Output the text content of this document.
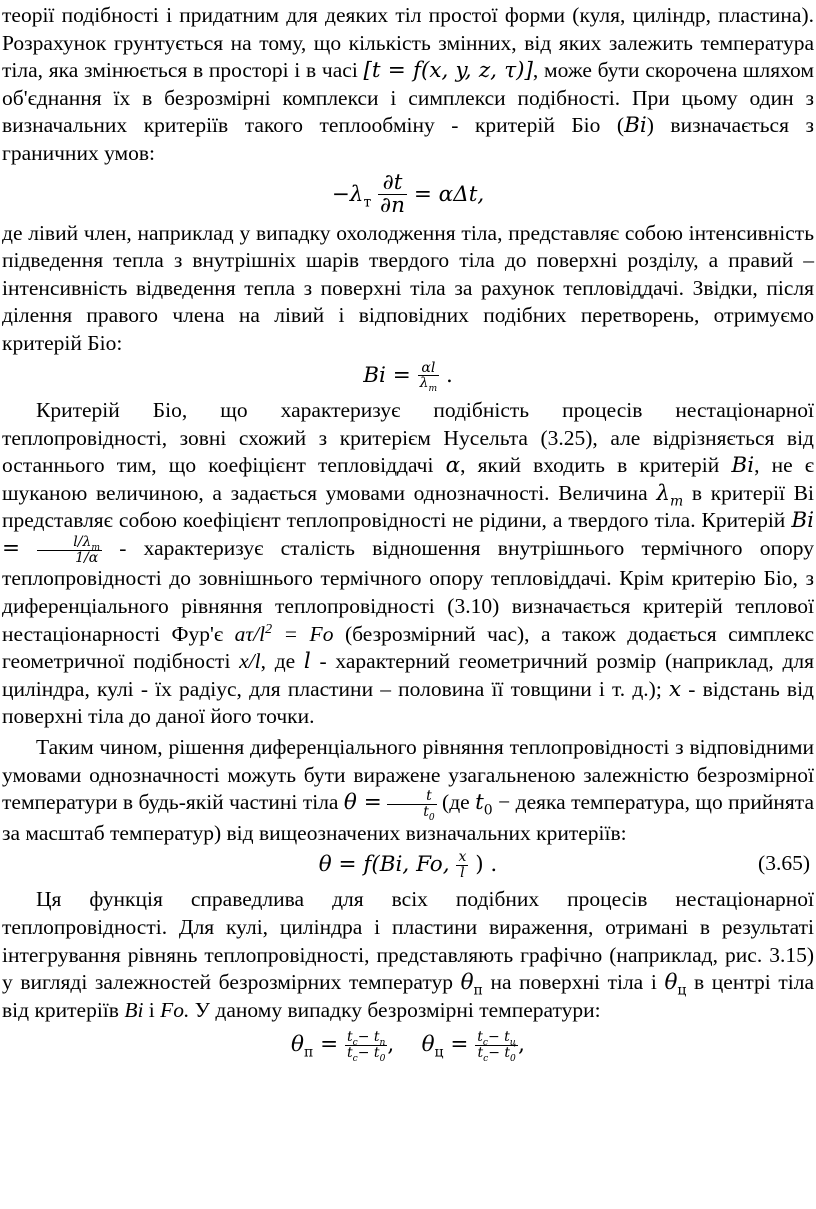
теорії подібності і придатним для деяких тіл простої форми (куля, циліндр, пластина). Розрахунок грунтується на тому, що кількість змінних, від яких залежить температура тіла, яка змінюється в просторі і в часі [t = f(x, y, z, τ)], може бути скорочена шляхом об'єднання їх в безрозмірні комплекси і симплекси подібності. При цьому один з визначальних критеріїв такого теплообміну - критерій Біо (Bi) визначається з граничних умов:

$-\lambda_т \frac{\partial t}{\partial n} = \alpha\Delta t$,

де лівий член, наприклад у випадку охолодження тіла, представляє собою інтенсивність підведення тепла з внутрішніх шарів твердого тіла до поверхні розділу, а правий – інтенсивність відведення тепла з поверхні тіла за рахунок тепловіддачі. Звідки, після ділення правого члена на лівий і відповідних подібних перетворень, отримуємо критерій Біо:

$Bi = \frac{\alpha l}{\lambda_т}$ .

Критерій Біо, що характеризує подібність процесів нестаціонарної теплопровідності, зовні схожий з критерієм Нусельта (3.25), але відрізняється від останнього тим, що коефіцієнт тепловіддачі α, який входить в критерій Bi, не є шуканою величиною, а задається умовами однозначності. Величина $\lambda_m$ в критерії Ві представляє собою коефіцієнт теплопровідності не рідини, а твердого тіла. Критерій $Bi = \frac{l/\lambda_m}{1/\alpha}$ - характеризує сталість відношення внутрішнього термічного опору теплопровідності до зовнішнього термічного опору тепловіддачі. Крім критерію Біо, з диференціального рівняння теплопровідності (3.10) визначається критерій теплової нестаціонарності Фур'є $a\tau/l^2 = Fo$ (безрозмірний час), а також додається симплекс геометричної подібності x/l, де l - характерний геометричний розмір (наприклад, для циліндра, кулі - їх радіус, для пластини – половина її товщини і т. д.); x - відстань від поверхні тіла до даної його точки.

Таким чином, рішення диференціального рівняння теплопровідності з відповідними умовами однозначності можуть бути виражене узагальненою залежністю безрозмірної температури в будь-якій частині тіла $\theta = \frac{t}{t_0} (де$ $t_0$ − деяка температура, що прийнята за масштаб температур) від вищеозначених визначальних критеріїв:

θ = f(Bi, Fo, $\frac{x}{l}$ ) .	(3.65)

Ця функція справедлива для всіх подібних процесів нестаціонарної теплопровідності. Для кулі, циліндра і пластини вираження, отримані в результаті інтегрування рівнянь теплопровідності, представляють графічно (наприклад, рис. 3.15) у вигляді залежностей безрозмірних температур $\theta_п$ на поверхні тіла і $\theta_ц$ в центрі тіла від критеріїв Bi і Fo. У даному випадку безрозмірні температури:

$\theta_п = \frac{t_c- t_п}{t_c- t_0}$ , $\theta_ц = \frac{t_c- t_ц}{t_c- t_0}$ ,
